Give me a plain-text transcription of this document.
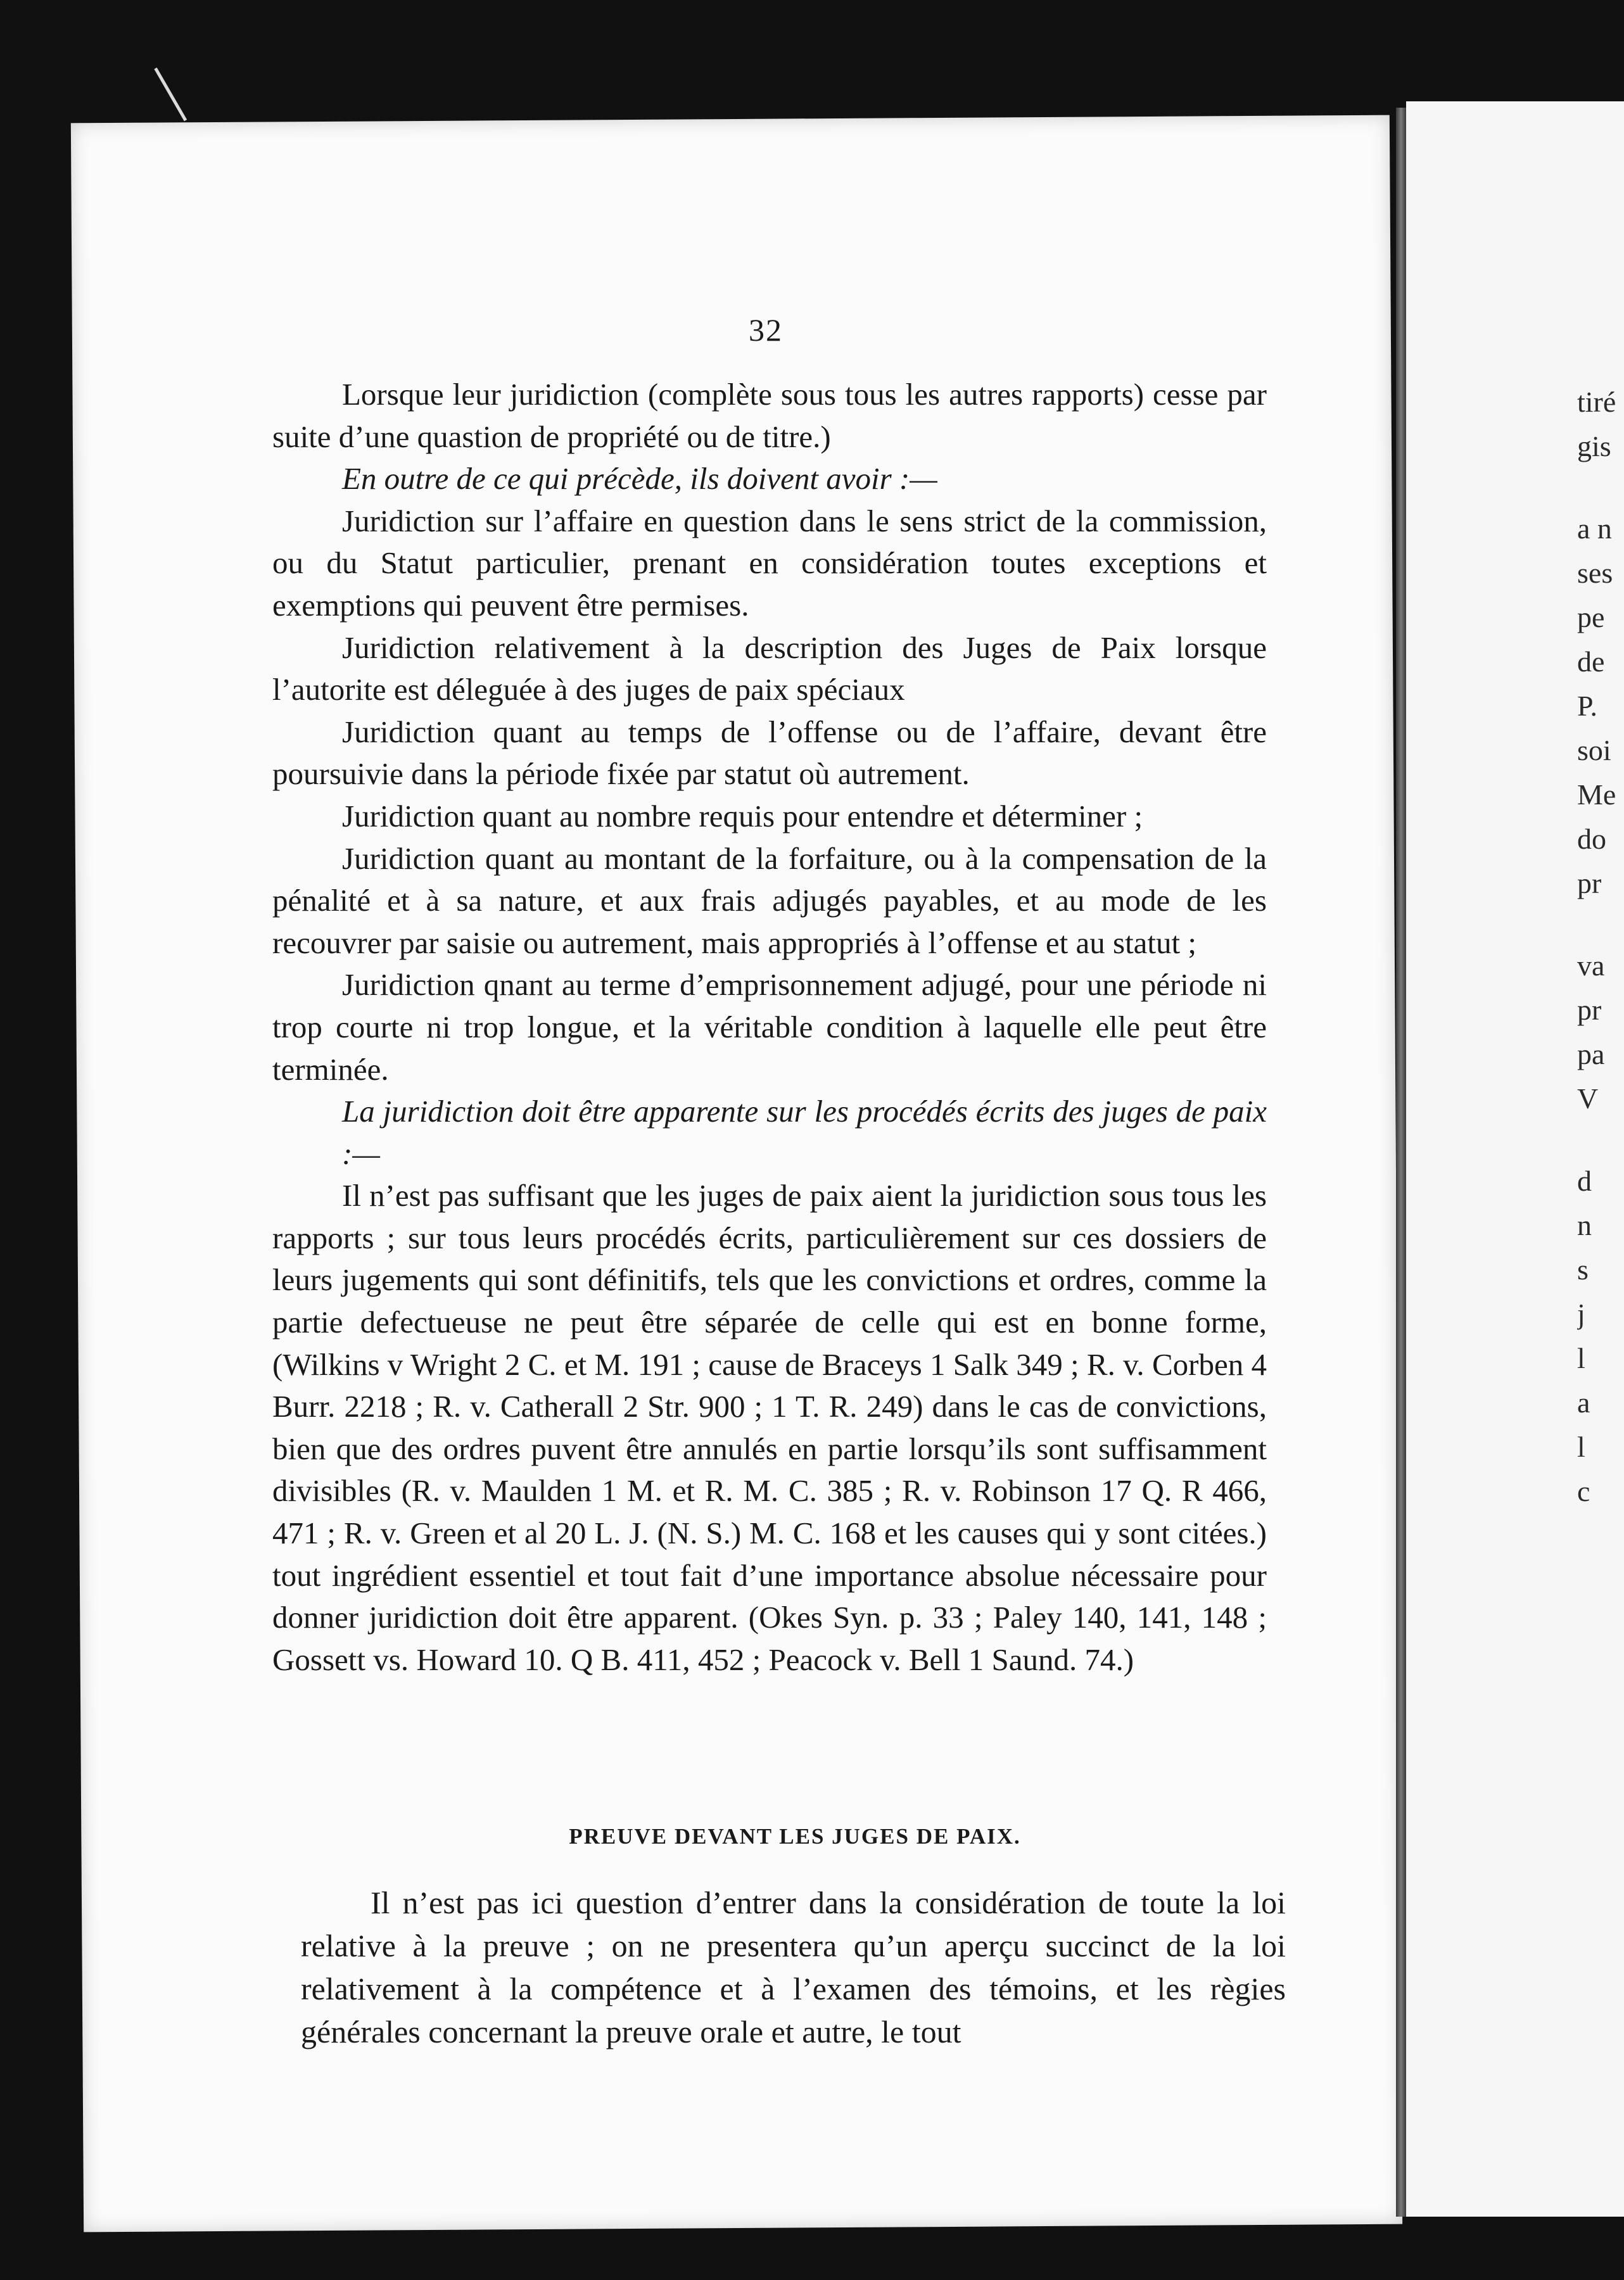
32

Lorsque leur juridiction (complète sous tous les autres rapports) cesse par suite d’une quastion de propriété ou de titre.)

En outre de ce qui précède, ils doivent avoir :—

Juridiction sur l’affaire en question dans le sens strict de la commission, ou du Statut particulier, prenant en considération toutes exceptions et exemptions qui peuvent être permises.

Juridiction relativement à la description des Juges de Paix lorsque l’autorite est déleguée à des juges de paix spéciaux

Juridiction quant au temps de l’offense ou de l’affaire, devant être poursuivie dans la période fixée par statut où autrement.

Juridiction quant au nombre requis pour entendre et déterminer ;

Juridiction quant au montant de la forfaiture, ou à la compensation de la pénalité et à sa nature, et aux frais adjugés payables, et au mode de les recouvrer par saisie ou autrement, mais appropriés à l’offense et au statut ;

Juridiction qnant au terme d’emprisonnement adjugé, pour une période ni trop courte ni trop longue, et la véritable condition à laquelle elle peut être terminée.

La juridiction doit être apparente sur les procédés écrits des juges de paix :—

Il n’est pas suffisant que les juges de paix aient la juridiction sous tous les rapports ; sur tous leurs procédés écrits, particulièrement sur ces dossiers de leurs jugements qui sont définitifs, tels que les convictions et ordres, comme la partie defectueuse ne peut être séparée de celle qui est en bonne forme, (Wilkins v Wright 2 C. et M. 191 ; cause de Braceys 1 Salk 349 ; R. v. Corben 4 Burr. 2218 ; R. v. Catherall 2 Str. 900 ; 1 T. R. 249) dans le cas de convictions, bien que des ordres puvent être annulés en partie lorsqu’ils sont suffisamment divisibles (R. v. Maulden 1 M. et R. M. C. 385 ; R. v. Robinson 17 Q. R 466, 471 ; R. v. Green et al 20 L. J. (N. S.) M. C. 168 et les causes qui y sont citées.) tout ingrédient essentiel et tout fait d’une importance absolue nécessaire pour donner juridiction doit être apparent. (Okes Syn. p. 33 ; Paley 140, 141, 148 ; Gossett vs. Howard 10. Q B. 411, 452 ; Peacock v. Bell 1 Saund. 74.)

PREUVE DEVANT LES JUGES DE PAIX.

Il n’est pas ici question d’entrer dans la considération de toute la loi relative à la preuve ; on ne presentera qu’un aperçu succinct de la loi relativement à la compétence et à l’examen des témoins, et les règies générales concernant la preuve orale et autre, le tout

tiré
gis
a n
ses
pe
de
P.
soi
Me
do
pr
va
pr
pa
V
d
n
s
j
l
a
l
c
